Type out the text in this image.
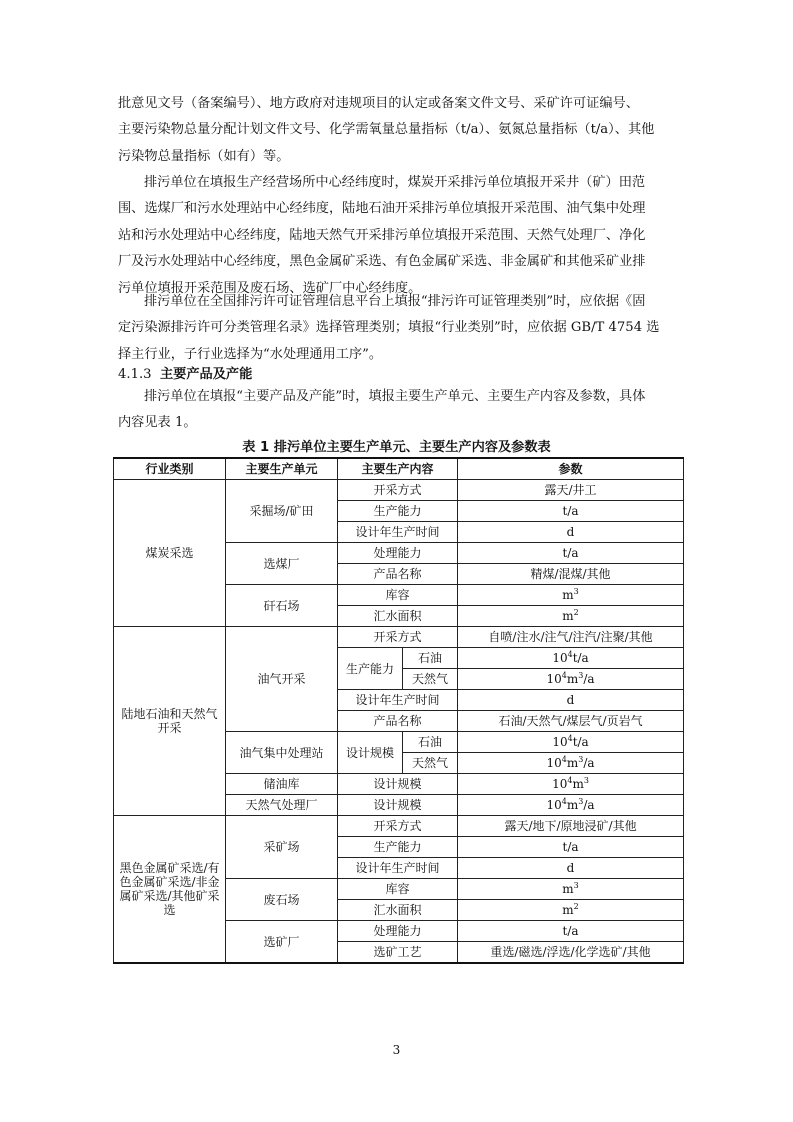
批意见文号（备案编号）、地方政府对违规项目的认定或备案文件文号、采矿许可证编号、
主要污染物总量分配计划文件文号、化学需氧量总量指标（t/a）、氨氮总量指标（t/a）、其他
污染物总量指标（如有）等。
排污单位在填报生产经营场所中心经纬度时，煤炭开采排污单位填报开采井（矿）田范
围、选煤厂和污水处理站中心经纬度，陆地石油开采排污单位填报开采范围、油气集中处理
站和污水处理站中心经纬度，陆地天然气开采排污单位填报开采范围、天然气处理厂、净化
厂及污水处理站中心经纬度，黑色金属矿采选、有色金属矿采选、非金属矿和其他采矿业排
污单位填报开采范围及废石场、选矿厂中心经纬度。
排污单位在全国排污许可证管理信息平台上填报“排污许可证管理类别”时，应依据《固
定污染源排污许可分类管理名录》选择管理类别；填报“行业类别”时，应依据 GB/T 4754 选
择主行业，子行业选择为“水处理通用工序”。
4.1.3 主要产品及产能
排污单位在填报“主要产品及产能”时，填报主要生产单元、主要生产内容及参数，具体
内容见表 1。
表 1 排污单位主要生产单元、主要生产内容及参数表
行业类别	主要生产单元	主要生产内容		参数
煤炭采选	采掘场/矿田	开采方式		露天/井工
		生产能力		t/a
		设计年生产时间		d
	选煤厂	处理能力		t/a
		产品名称		精煤/混煤/其他
	矸石场	库容		$m^3$
		汇水面积		$m^2$
陆地石油和天然气开采	油气开采	开采方式		自喷/注水/注气/注汽/注聚/其他
		生产能力	石油	$10^4t/a$
			天然气	$10^4m^3/a$
		设计年生产时间		d
		产品名称		石油/天然气/煤层气/页岩气
	油气集中处理站	设计规模	石油	$10^4t/a$
			天然气	$10^4m^3/a$
	储油库	设计规模		$10^4m^3$
	天然气处理厂	设计规模		$10^4m^3/a$
黑色金属矿采选/有色金属矿采选/非金属矿采选/其他矿采选	采矿场	开采方式		露天/地下/原地浸矿/其他
		生产能力		t/a
		设计年生产时间		d
	废石场	库容		$m^3$
		汇水面积		$m^2$
	选矿厂	处理能力		t/a
		选矿工艺		重选/磁选/浮选/化学选矿/其他
3
